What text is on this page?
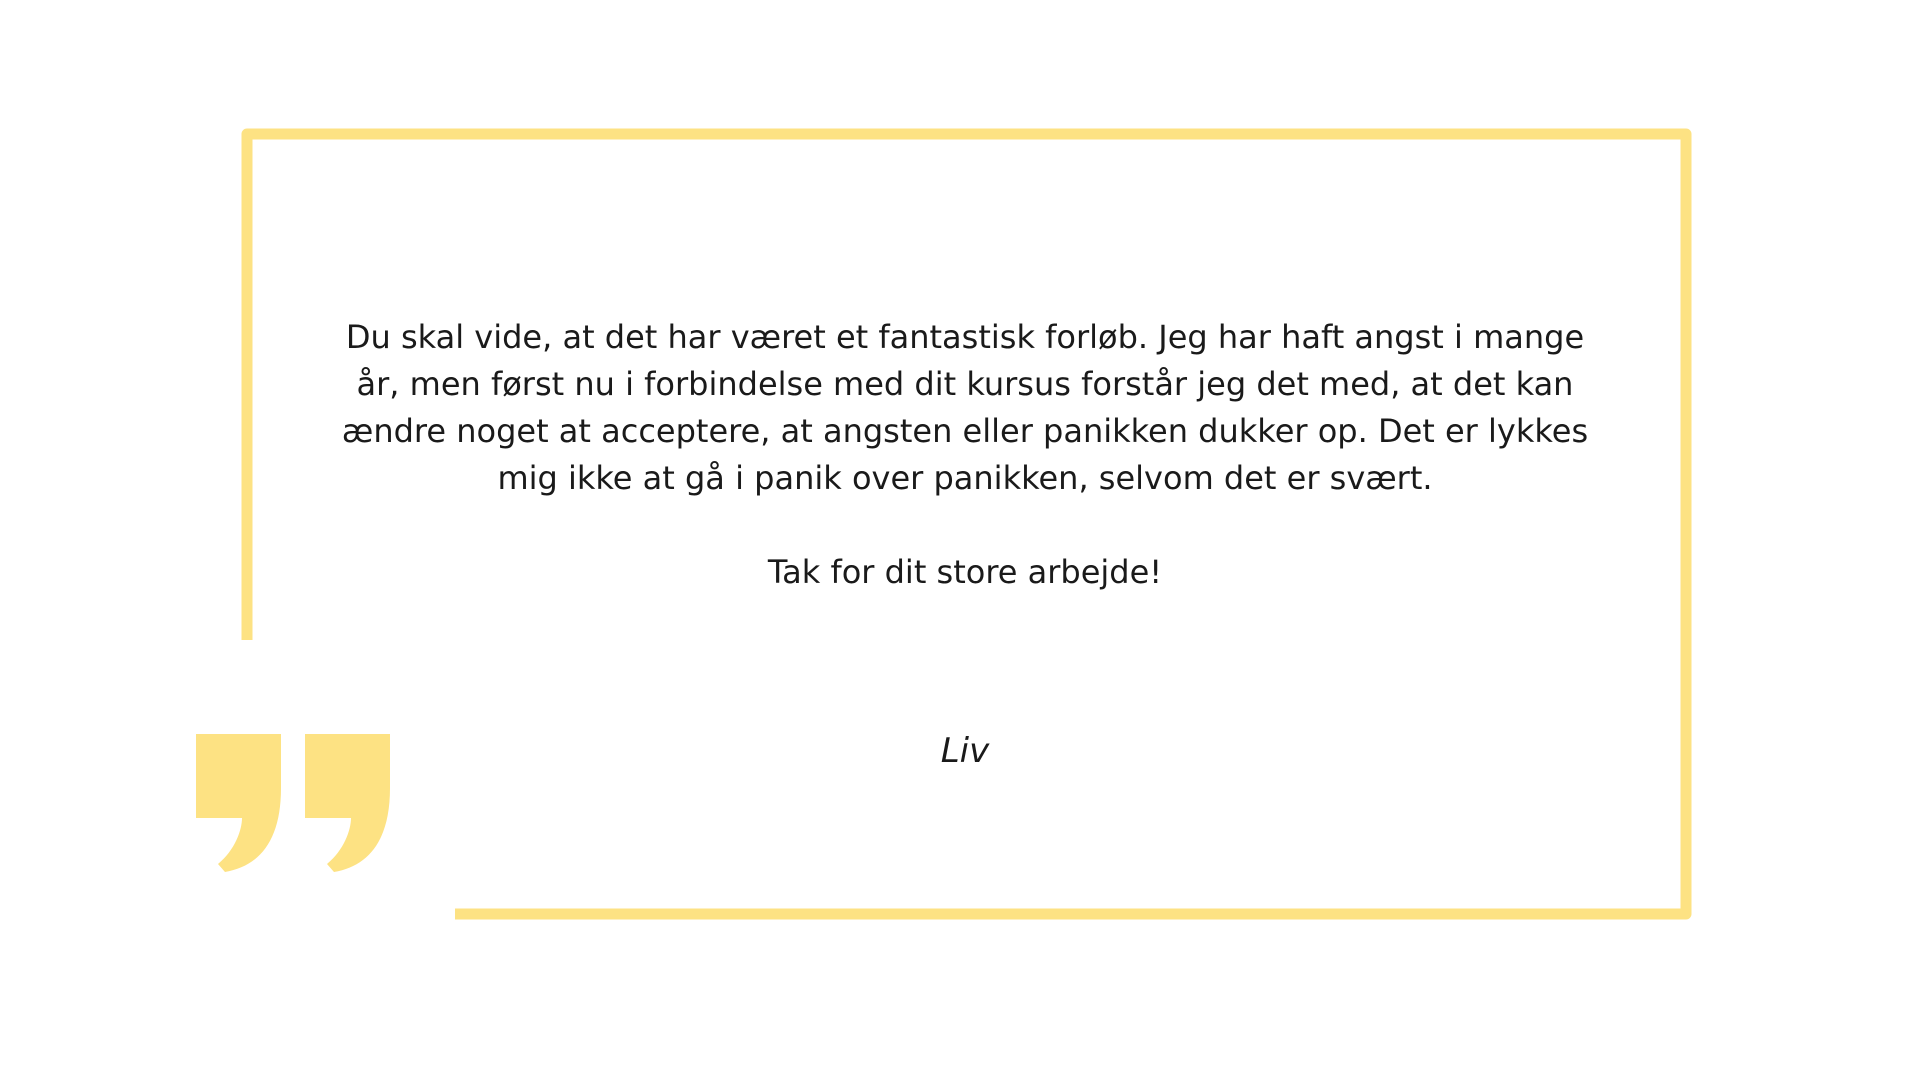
Du skal vide, at det har været et fantastisk forløb. Jeg har haft angst i mange år, men først nu i forbindelse med dit kursus forstår jeg det med, at det kan ændre noget at acceptere, at angsten eller panikken dukker op. Det er lykkes mig ikke at gå i panik over panikken, selvom det er svært.

Tak for dit store arbejde!

Liv
